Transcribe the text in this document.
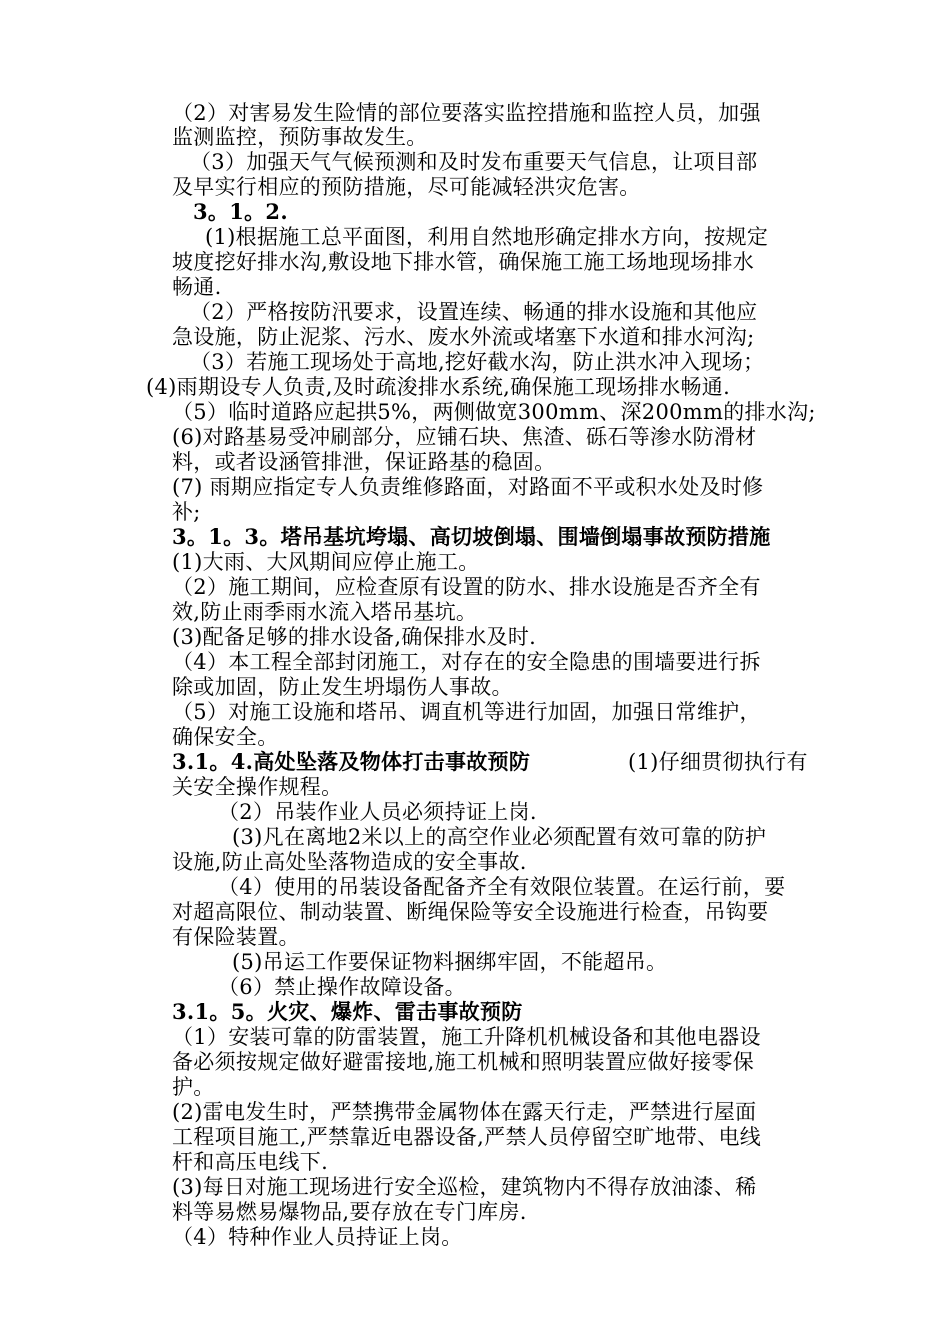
（2）对害易发生险情的部位要落实监控措施和监控人员，加强
监测监控，预防事故发生。
（3）加强天气气候预测和及时发布重要天气信息，让项目部
及早实行相应的预防措施，尽可能减轻洪灾危害。
3。1。2.
(1)根据施工总平面图，利用自然地形确定排水方向，按规定
坡度挖好排水沟,敷设地下排水管，确保施工施工场地现场排水
畅通.
（2）严格按防汛要求，设置连续、畅通的排水设施和其他应
急设施，防止泥浆、污水、废水外流或堵塞下水道和排水河沟;
（3）若施工现场处于高地,挖好截水沟，防止洪水冲入现场；
(4)雨期设专人负责,及时疏浚排水系统,确保施工现场排水畅通.
（5）临时道路应起拱5%，两侧做宽300mm、深200mm的排水沟;
(6)对路基易受冲刷部分，应铺石块、焦渣、砾石等渗水防滑材
料，或者设涵管排泄，保证路基的稳固。
(7) 雨期应指定专人负责维修路面，对路面不平或积水处及时修
补;
3。1。3。塔吊基坑垮塌、高切坡倒塌、围墙倒塌事故预防措施
(1)大雨、大风期间应停止施工。
（2）施工期间，应检查原有设置的防水、排水设施是否齐全有
效,防止雨季雨水流入塔吊基坑。
(3)配备足够的排水设备,确保排水及时.
（4）本工程全部封闭施工，对存在的安全隐患的围墙要进行拆
除或加固，防止发生坍塌伤人事故。
（5）对施工设施和塔吊、调直机等进行加固，加强日常维护，
确保安全。
3.1。4.高处坠落及物体打击事故预防	(1)仔细贯彻执行有
关安全操作规程。
（2）吊装作业人员必须持证上岗.
(3)凡在离地2米以上的高空作业必须配置有效可靠的防护
设施,防止高处坠落物造成的安全事故.
（4）使用的吊装设备配备齐全有效限位装置。在运行前，要
对超高限位、制动装置、断绳保险等安全设施进行检查，吊钩要
有保险装置。
(5)吊运工作要保证物料捆绑牢固，不能超吊。
（6）禁止操作故障设备。
3.1。5。火灾、爆炸、雷击事故预防
（1）安装可靠的防雷装置，施工升降机机械设备和其他电器设
备必须按规定做好避雷接地,施工机械和照明装置应做好接零保
护。
(2)雷电发生时，严禁携带金属物体在露天行走，严禁进行屋面
工程项目施工,严禁靠近电器设备,严禁人员停留空旷地带、电线
杆和高压电线下.
(3)每日对施工现场进行安全巡检，建筑物内不得存放油漆、稀
料等易燃易爆物品,要存放在专门库房.
（4）特种作业人员持证上岗。
